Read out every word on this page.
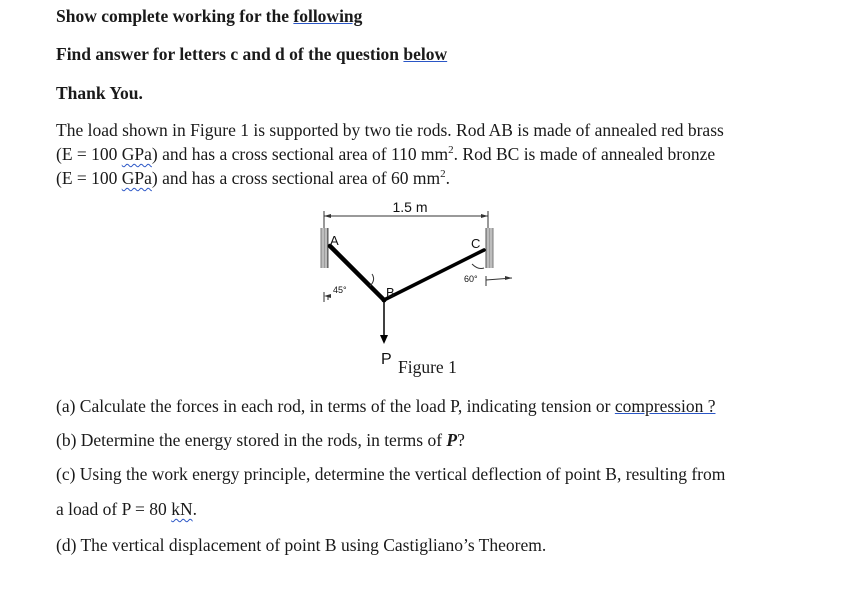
Show complete working for the following
Find answer for letters c and d of the question below
Thank You.
The load shown in Figure 1 is supported by two tie rods. Rod AB is made of annealed red brass
(E = 100 GPa) and has a cross sectional area of 110 $mm^2$. Rod BC is made of annealed bronze
(E = 100 GPa) and has a cross sectional area of 60 $mm^2$.
1.5 m
A
B
C
45°
60°
P Figure 1
(a) Calculate the forces in each rod, in terms of the load P, indicating tension or compression ?
(b) Determine the energy stored in the rods, in terms of P?
(c) Using the work energy principle, determine the vertical deflection of point B, resulting from
a load of P = 80 kN.
(d) The vertical displacement of point B using Castigliano’s Theorem.
